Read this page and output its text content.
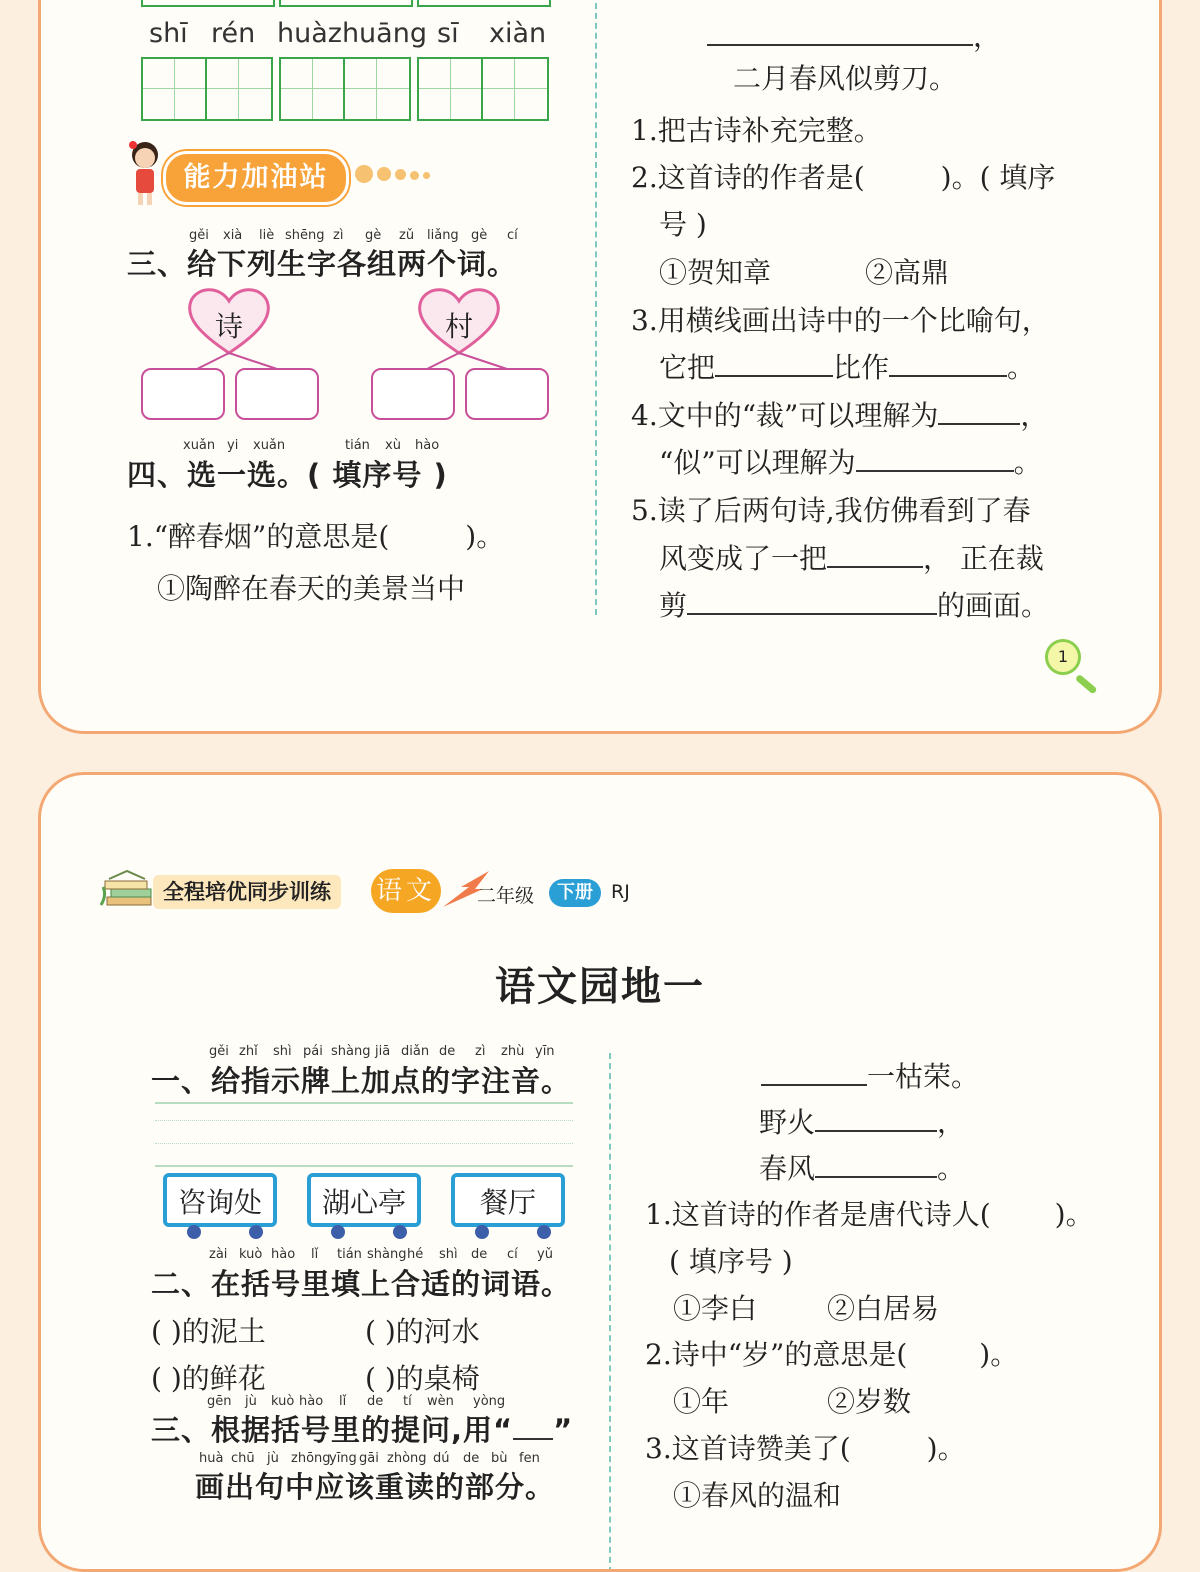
shī rén huàzhuāng sī xiàn
能力加油站
gěi xià liè shēng zì gè zǔ liǎng gè cí
三、给下列生字各组两个词。
诗	村
xuǎn yi xuǎn	tián xù hào
四、选一选。( 填序号 )
1.“醉春烟”的意思是(	)。
①陶醉在春天的美景当中
，
二月春风似剪刀。
1.把古诗补充完整。
2.这首诗的作者是(	)。( 填序
号 )
①贺知章	②高鼎
3.用横线画出诗中的一个比喻句，
它把	比作	。
4.文中的“裁”可以理解为	，
“似”可以理解为	。
5.读了后两句诗,我仿佛看到了春
风变成了一把	， 正在裁
剪	的画面。
1
全程培优同步训练	语文 二年级	下册 RJ
语文园地一
gěi zhǐ shì pái shàng jiā diǎn de zì zhù yīn
一、给指示牌上加点的字注音。
咨询处	湖心亭	餐厅
zài kuò hào lǐ tián shàng hé shì de cí yǔ
二、在括号里填上合适的词语。
( )的泥土	( )的河水
( )的鲜花	( )的桌椅
gēn jù kuò hào lǐ de tí wèn yòng
三、根据括号里的提问,用“ ”
huà chū jù zhōng
yīng gāi zhòng dú de bù fen
画出句中应该重读的部分。
一枯荣。
野火	，
春风	。
1.这首诗的作者是唐代诗人( )。
( 填序号 )
①李白 ②白居易
2.诗中“岁”的意思是(	)。
①年	②岁数
3.这首诗赞美了(	)。
①春风的温和
